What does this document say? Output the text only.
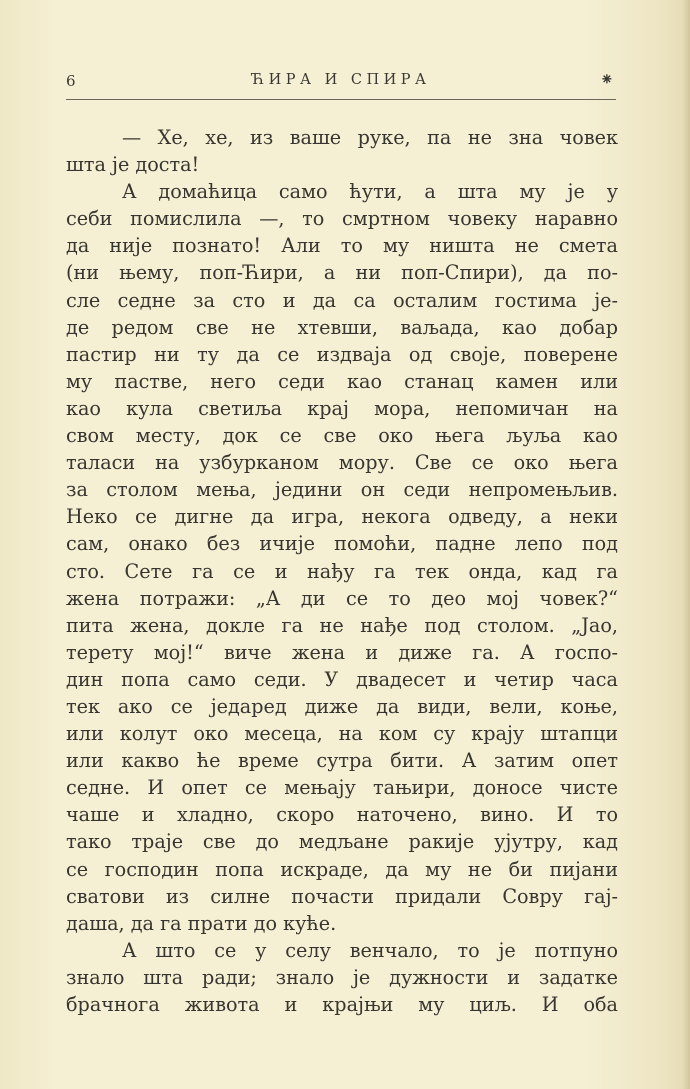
6	ЋИРА И СПИРА	⁕
— Хе, хе, из ваше руке, па не зна човек
шта је доста!
А домаћица само ћути, а шта му је у
себи помислила —, то смртном човеку наравно
да није познато! Али то му ништа не смета
(ни њему, поп-Ћири, а ни поп-Спири), да по-
сле седне за сто и да са осталим гостима је-
де редом све не хтевши, ваљада, као добар
пастир ни ту да се издваја од своје, поверене
му пастве, него седи као станац камен или
као кула светиља крај мора, непомичан на
свом месту, док се све око њега љуља као
таласи на узбурканом мору. Све се око њега
за столом мења, једини он седи непромењљив.
Неко се дигне да игра, некога одведу, а неки
сам, онако без ичије помоћи, падне лепо под
сто. Сете га се и нађу га тек онда, кад га
жена потражи: „А ди се то део мој човек?“
пита жена, докле га не нађе под столом. „Јао,
терету мој!“ виче жена и диже га. А госпо-
дин попа само седи. У двадесет и четир часа
тек ако се једаред диже да види, вели, коње,
или колут око месеца, на ком су крају штапци
или какво ће време сутра бити. А затим опет
седне. И опет се мењају тањири, доносе чисте
чаше и хладно, скоро наточено, вино. И то
тако траје све до медљане ракије ујутру, кад
се господин попа искраде, да му не би пијани
сватови из силне почасти придали Совру гај-
даша, да га прати до куће.
А што се у селу венчало, то је потпуно
знало шта ради; знало је дужности и задатке
брачнога живота и крајњи му циљ. И оба
